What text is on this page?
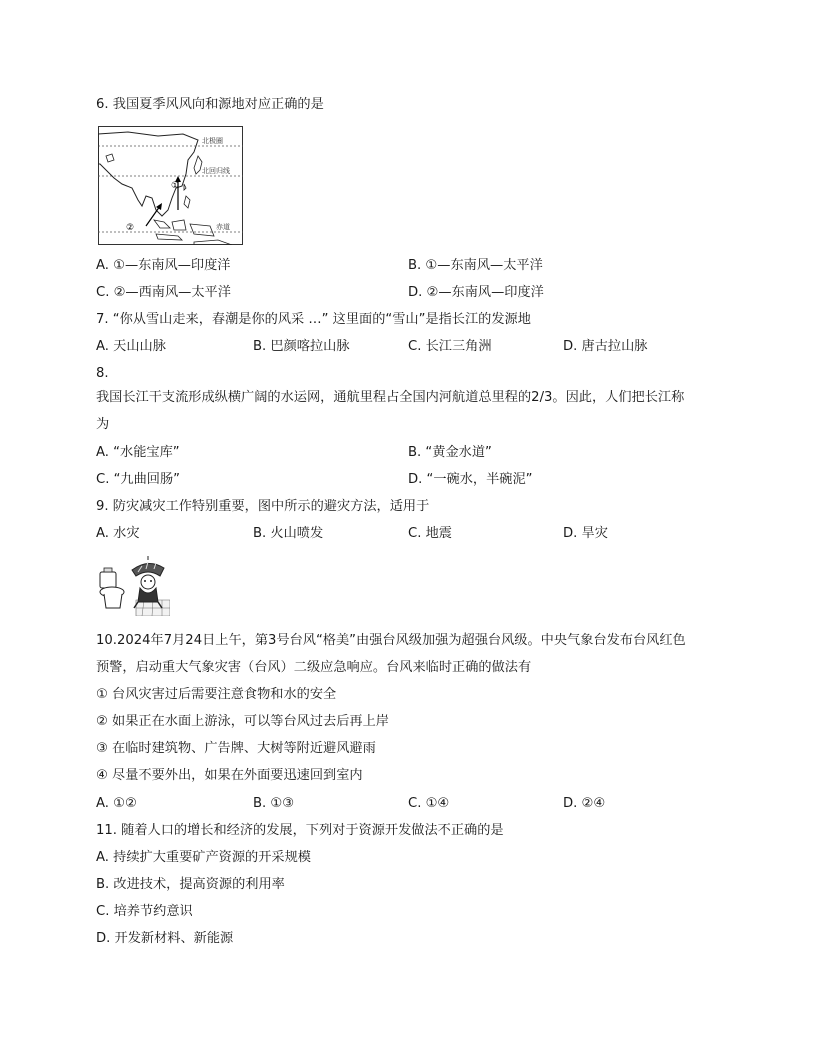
6. 我国夏季风风向和源地对应正确的是
北极圈
北回归线
赤道
①
②
A. ①—东南风—印度洋	B. ①—东南风—太平洋
C. ②—西南风—太平洋	D. ②—东南风—印度洋
7. “你从雪山走来，春潮是你的风采 …” 这里面的“雪山”是指长江的发源地
A. 天山山脉	B. 巴颜喀拉山脉	C. 长江三角洲	D. 唐古拉山脉
8.
我国长江干支流形成纵横广阔的水运网，通航里程占全国内河航道总里程的2/3。因此，人们把长江称
为
A. “水能宝库”	B. “黄金水道”
C. “九曲回肠”	D. “一碗水，半碗泥”
9. 防灾减灾工作特别重要，图中所示的避灾方法，适用于
A. 水灾	B. 火山喷发	C. 地震	D. 旱灾
10.2024年7月24日上午，第3号台风“格美”由强台风级加强为超强台风级。中央气象台发布台风红色
预警，启动重大气象灾害（台风）二级应急响应。台风来临时正确的做法有
① 台风灾害过后需要注意食物和水的安全
② 如果正在水面上游泳，可以等台风过去后再上岸
③ 在临时建筑物、广告牌、大树等附近避风避雨
④ 尽量不要外出，如果在外面要迅速回到室内
A. ①②	B. ①③	C. ①④	D. ②④
11. 随着人口的增长和经济的发展，下列对于资源开发做法不正确的是
A. 持续扩大重要矿产资源的开采规模
B. 改进技术，提高资源的利用率
C. 培养节约意识
D. 开发新材料、新能源
